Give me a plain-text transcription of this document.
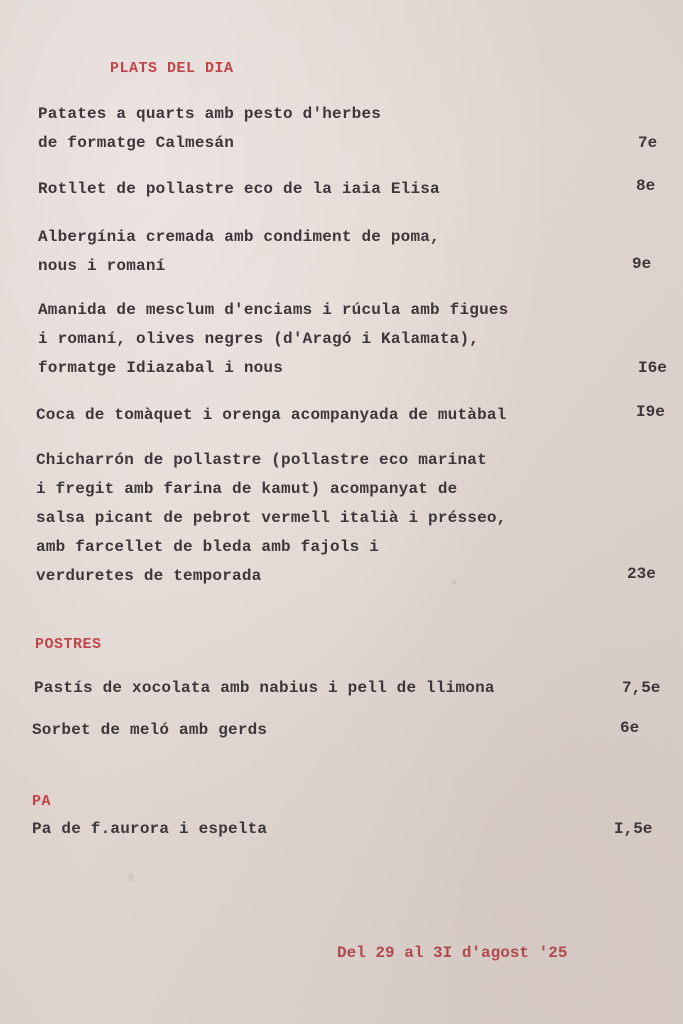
PLATS DEL DIA
Patates a quarts amb pesto d'herbes
de formatge Calmesán	7e
Rotllet de pollastre eco de la iaia Elisa	8e
Albergínia cremada amb condiment de poma,
nous i romaní	9e
Amanida de mesclum d'enciams i rúcula amb figues
i romaní, olives negres (d'Aragó i Kalamata),
formatge Idiazabal i nous	I6e
Coca de tomàquet i orenga acompanyada de mutàbal	I9e
Chicharrón de pollastre (pollastre eco marinat
i fregit amb farina de kamut) acompanyat de
salsa picant de pebrot vermell italià i présseo,
amb farcellet de bleda amb fajols i
verduretes de temporada	23e
POSTRES
Pastís de xocolata amb nabius i pell de llimona	7,5e
Sorbet de meló amb gerds	6e
PA
Pa de f.aurora i espelta	I,5e
Del 29 al 3I d'agost '25
